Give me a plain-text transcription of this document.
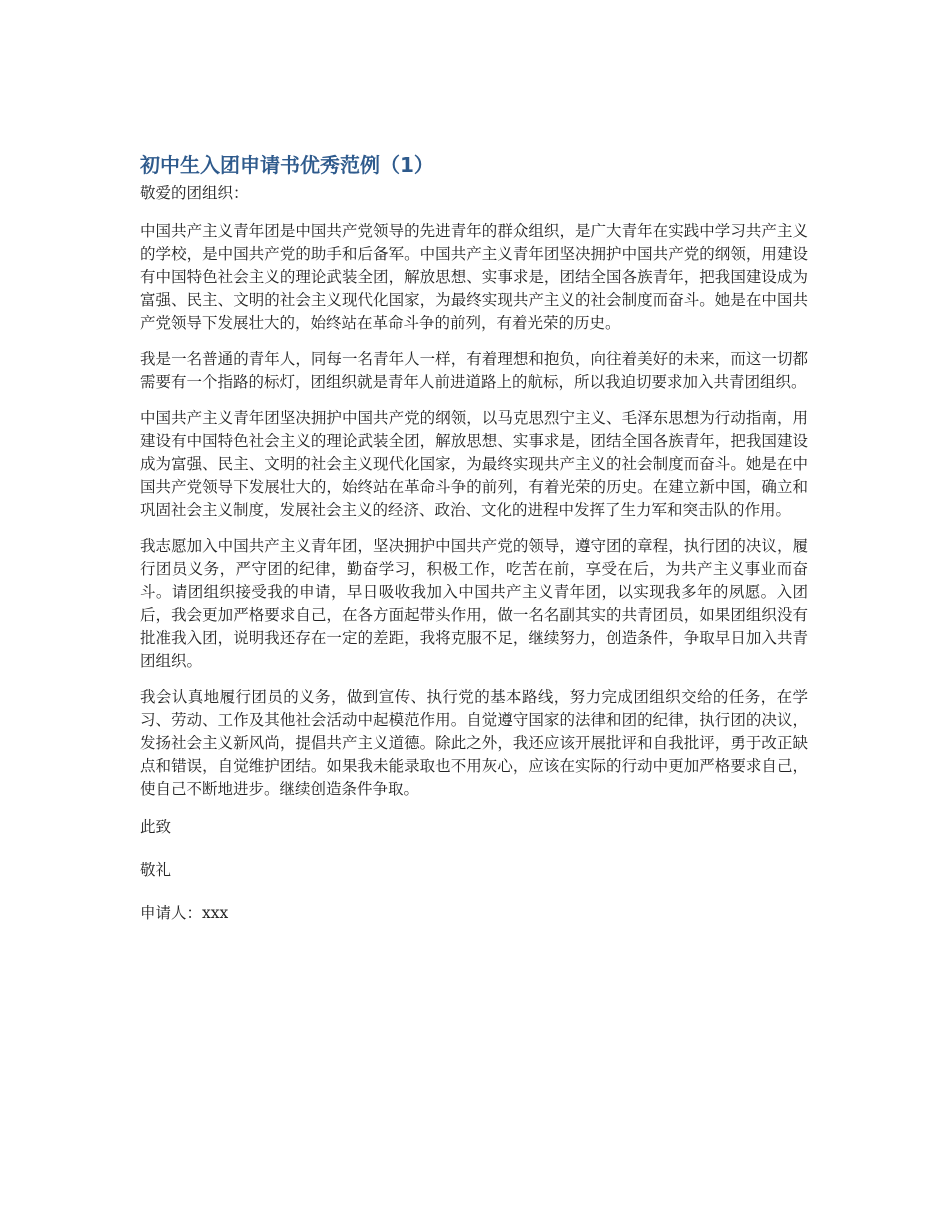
初中生入团申请书优秀范例（1）

敬爱的团组织：

中国共产主义青年团是中国共产党领导的先进青年的群众组织，是广大青年在实践中学习共产主义的学校，是中国共产党的助手和后备军。中国共产主义青年团坚决拥护中国共产党的纲领，用建设有中国特色社会主义的理论武装全团，解放思想、实事求是，团结全国各族青年，把我国建设成为富强、民主、文明的社会主义现代化国家，为最终实现共产主义的社会制度而奋斗。她是在中国共产党领导下发展壮大的，始终站在革命斗争的前列，有着光荣的历史。

我是一名普通的青年人，同每一名青年人一样，有着理想和抱负，向往着美好的未来，而这一切都需要有一个指路的标灯，团组织就是青年人前进道路上的航标，所以我迫切要求加入共青团组织。

中国共产主义青年团坚决拥护中国共产党的纲领，以马克思烈宁主义、毛泽东思想为行动指南，用建设有中国特色社会主义的理论武装全团，解放思想、实事求是，团结全国各族青年，把我国建设成为富强、民主、文明的社会主义现代化国家，为最终实现共产主义的社会制度而奋斗。她是在中国共产党领导下发展壮大的，始终站在革命斗争的前列，有着光荣的历史。在建立新中国，确立和巩固社会主义制度，发展社会主义的经济、政治、文化的进程中发挥了生力军和突击队的作用。

我志愿加入中国共产主义青年团，坚决拥护中国共产党的领导，遵守团的章程，执行团的决议，履行团员义务，严守团的纪律，勤奋学习，积极工作，吃苦在前，享受在后，为共产主义事业而奋斗。请团组织接受我的申请，早日吸收我加入中国共产主义青年团，以实现我多年的夙愿。入团后，我会更加严格要求自己，在各方面起带头作用，做一名名副其实的共青团员，如果团组织没有批准我入团，说明我还存在一定的差距，我将克服不足，继续努力，创造条件，争取早日加入共青团组织。

我会认真地履行团员的义务，做到宣传、执行党的基本路线，努力完成团组织交给的任务，在学习、劳动、工作及其他社会活动中起模范作用。自觉遵守国家的法律和团的纪律，执行团的决议，发扬社会主义新风尚，提倡共产主义道德。除此之外，我还应该开展批评和自我批评，勇于改正缺点和错误，自觉维护团结。如果我未能录取也不用灰心，应该在实际的行动中更加严格要求自己，使自己不断地进步。继续创造条件争取。

此致

敬礼

申请人：xxx
